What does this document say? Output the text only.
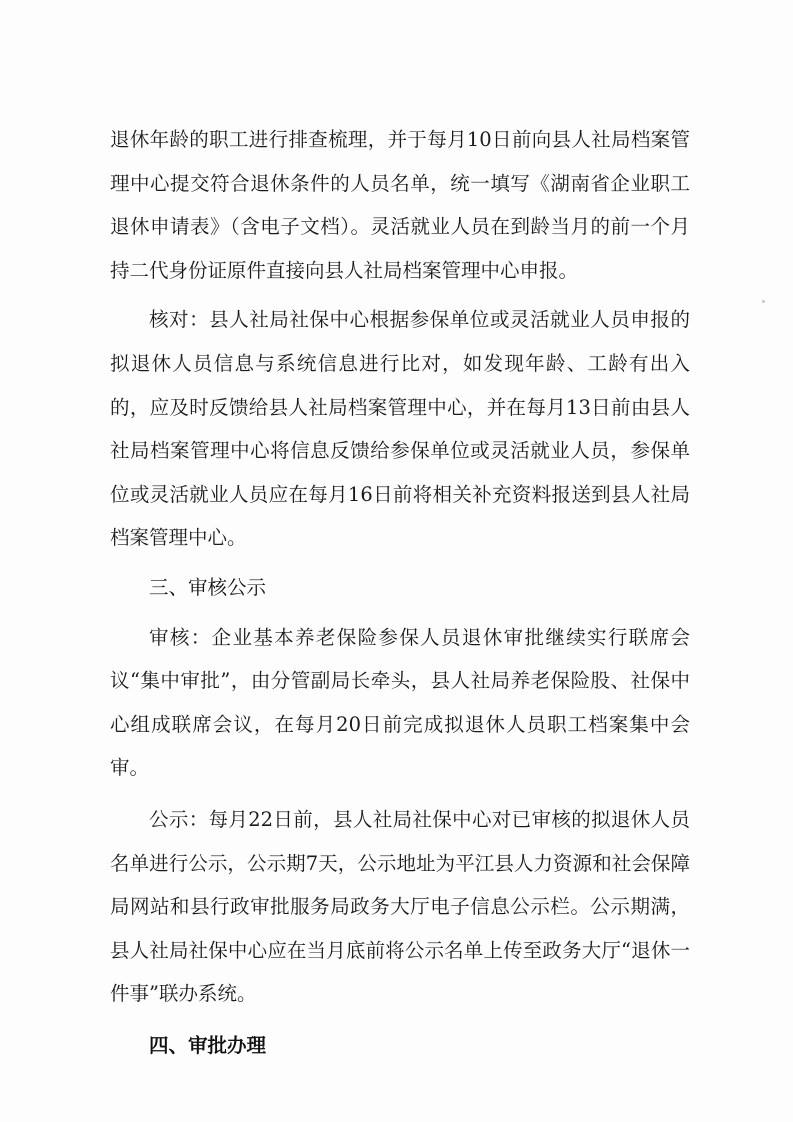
退休年龄的职工进行排查梳理，并于每月10日前向县人社局档案管理中心提交符合退休条件的人员名单，统一填写《湖南省企业职工退休申请表》（含电子文档）。灵活就业人员在到龄当月的前一个月持二代身份证原件直接向县人社局档案管理中心申报。

核对：县人社局社保中心根据参保单位或灵活就业人员申报的拟退休人员信息与系统信息进行比对，如发现年龄、工龄有出入的，应及时反馈给县人社局档案管理中心，并在每月13日前由县人社局档案管理中心将信息反馈给参保单位或灵活就业人员，参保单位或灵活就业人员应在每月16日前将相关补充资料报送到县人社局档案管理中心。

三、审核公示

审核：企业基本养老保险参保人员退休审批继续实行联席会议“集中审批”，由分管副局长牵头，县人社局养老保险股、社保中心组成联席会议，在每月20日前完成拟退休人员职工档案集中会审。

公示：每月22日前，县人社局社保中心对已审核的拟退休人员名单进行公示，公示期7天，公示地址为平江县人力资源和社会保障局网站和县行政审批服务局政务大厅电子信息公示栏。公示期满，县人社局社保中心应在当月底前将公示名单上传至政务大厅“退休一件事”联办系统。

四、审批办理
